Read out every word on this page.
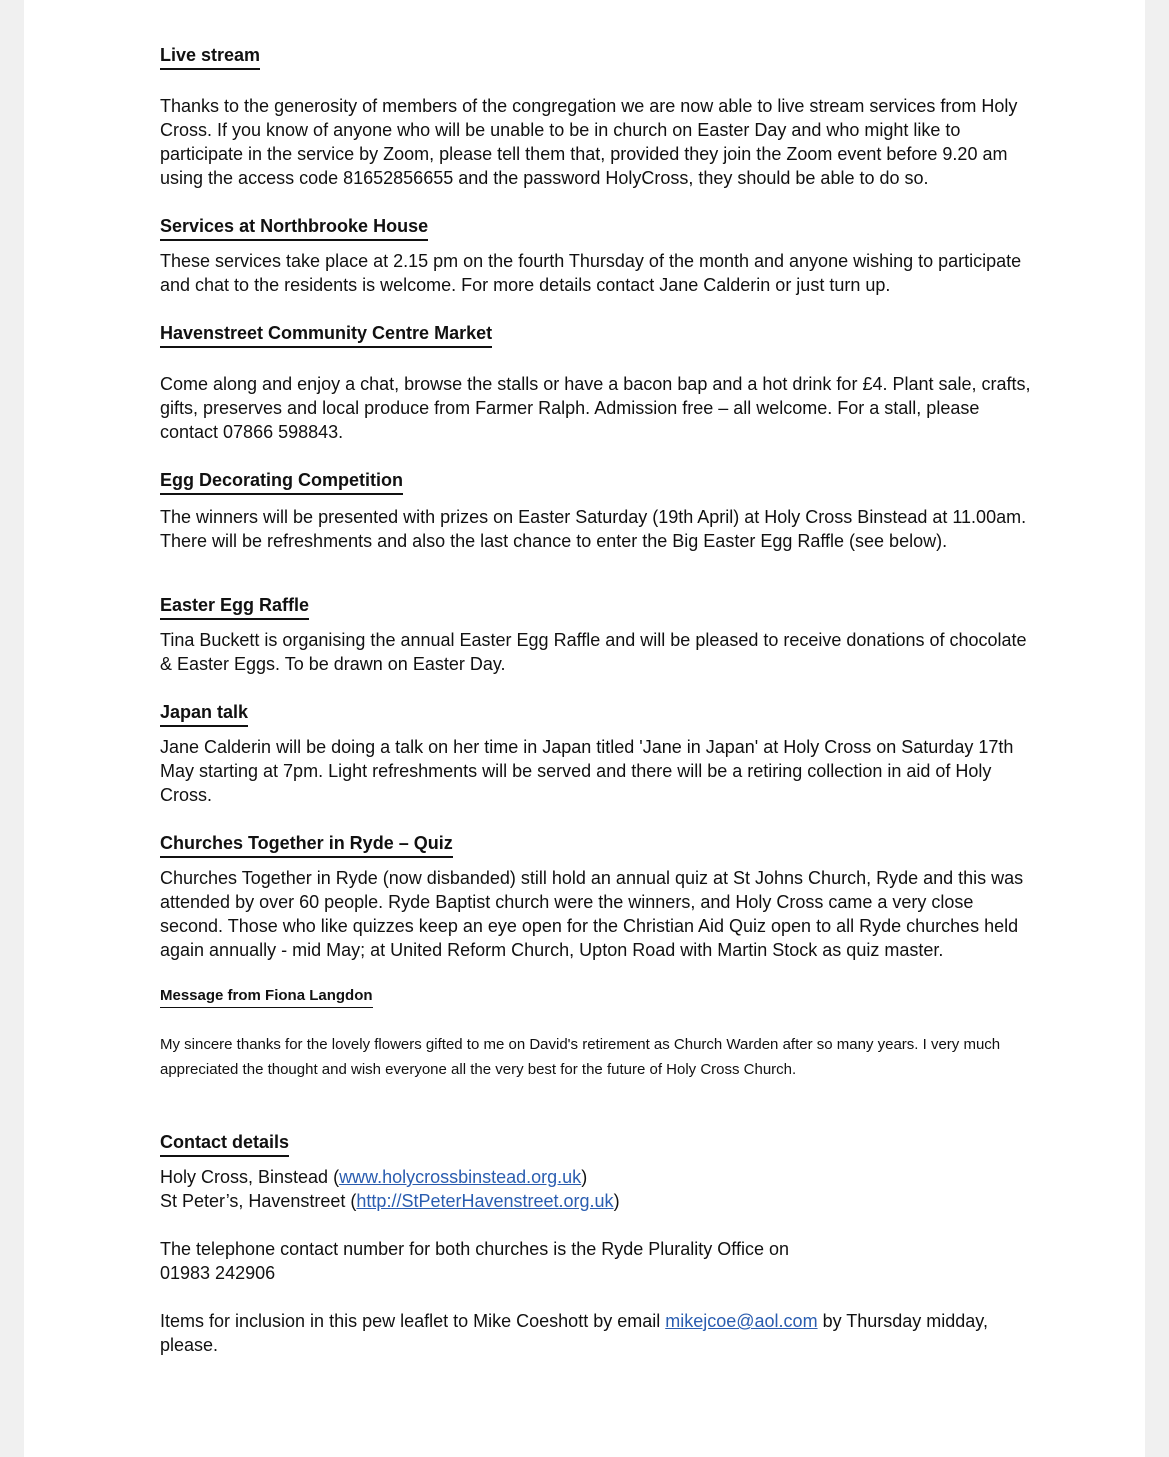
Live stream

Thanks to the generosity of members of the congregation we are now able to live stream services from Holy Cross. If you know of anyone who will be unable to be in church on Easter Day and who might like to participate in the service by Zoom, please tell them that, provided they join the Zoom event before 9.20 am using the access code 81652856655 and the password HolyCross, they should be able to do so.

Services at Northbrooke House

These services take place at 2.15 pm on the fourth Thursday of the month and anyone wishing to participate and chat to the residents is welcome. For more details contact Jane Calderin or just turn up.

Havenstreet Community Centre Market

Come along and enjoy a chat, browse the stalls or have a bacon bap and a hot drink for £4. Plant sale, crafts, gifts, preserves and local produce from Farmer Ralph. Admission free – all welcome. For a stall, please contact 07866 598843.

Egg Decorating Competition

The winners will be presented with prizes on Easter Saturday (19th April) at Holy Cross Binstead at 11.00am. There will be refreshments and also the last chance to enter the Big Easter Egg Raffle (see below).

Easter Egg Raffle

Tina Buckett is organising the annual Easter Egg Raffle and will be pleased to receive donations of chocolate & Easter Eggs. To be drawn on Easter Day.

Japan talk

Jane Calderin will be doing a talk on her time in Japan titled 'Jane in Japan' at Holy Cross on Saturday 17th May starting at 7pm. Light refreshments will be served and there will be a retiring collection in aid of Holy Cross.

Churches Together in Ryde – Quiz

Churches Together in Ryde (now disbanded) still hold an annual quiz at St Johns Church, Ryde and this was attended by over 60 people. Ryde Baptist church were the winners, and Holy Cross came a very close second. Those who like quizzes keep an eye open for the Christian Aid Quiz open to all Ryde churches held again annually - mid May; at United Reform Church, Upton Road with Martin Stock as quiz master.

Message from Fiona Langdon

My sincere thanks for the lovely flowers gifted to me on David's retirement as Church Warden after so many years. I very much appreciated the thought and wish everyone all the very best for the future of Holy Cross Church.

Contact details

Holy Cross, Binstead (www.holycrossbinstead.org.uk)

St Peter’s, Havenstreet (http://StPeterHavenstreet.org.uk)

The telephone contact number for both churches is the Ryde Plurality Office on

01983 242906

Items for inclusion in this pew leaflet to Mike Coeshott by email mikejcoe@aol.com by Thursday midday, please.
